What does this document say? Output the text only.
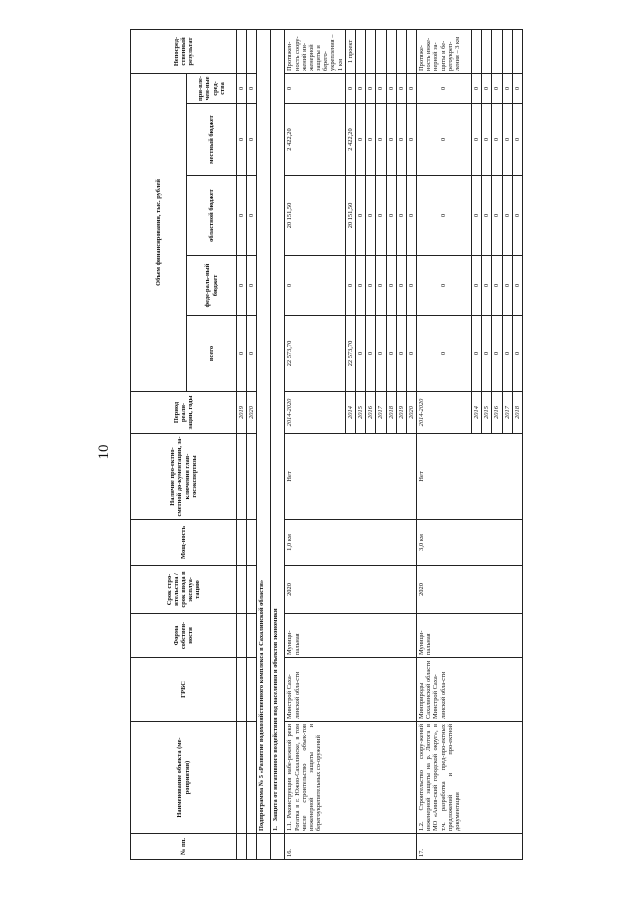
10
№ пп.	Наименование объекта (ме-роприятия)	ГРБС	Форма собствен-ности	Срок стро-ительства / срок ввода в эксплуа-тацию	Мощ-ность	Наличие про-ектно-сметной до-кументации, за-ключения глав-госэкспертизы	Период реали-зации, годы	Объем финансирования, тыс. рублей					Непосред-ственный результат
								всего	феде-раль-ный бюджет	областной бюджет	местный бюджет	при-вле-чен-ные сред-ства	
							2019	0	0	0	0	0	
							2020	0	0	0	0	0	
	Подпрограмма № 5 «Развитие водохозяйственного комплекса в Сахалинской области»												
	1.   Защита от негативного воздействия вод населения и объектов экономики												
16.	1.1. Реконструкция набе-режной реки Рогатка в г. Южно-Сахалинске, в том числе строительство объек-тов инженерной защиты и берегоукрепительных со-оружений	Минстрой Саха-линской обла-сти	Муници-пальная	2020	1,0 км	Нет	2014-2020	22 573,70	0	20 151,50	2 422,20	0	Протяжен-ность соору-жений ин-женерной защиты и берего-укрепления – 1 км
							2014	22 573,70	0	20 151,50	2 422,20	0	1 проект
							2015	0	0	0	0	0	
							2016	0	0	0	0	0	
							2017	0	0	0	0	0	
							2018	0	0	0	0	0	
							2019	0	0	0	0	0	
							2020	0	0	0	0	0	
17.	1.2. Строительство соору-жений инженерной защиты на р. Лютога в МО «Анив-ский городской округ», в т.ч. разработка пред-про-ектных предложений и про-ектной документации	Минприроды Сахалинской области Минстрой Саха-линской обла-сти	Муници-пальная	2020	3,0 км	Нет	2014-2020	0	0	0	0	0	Протяже-ность инже-нерной за-щиты и бе-регоукреп-ления – 3 км
							2014	0	0	0	0	0	
							2015	0	0	0	0	0	
							2016	0	0	0	0	0	
							2017	0	0	0	0	0	
							2018	0	0	0	0	0	
